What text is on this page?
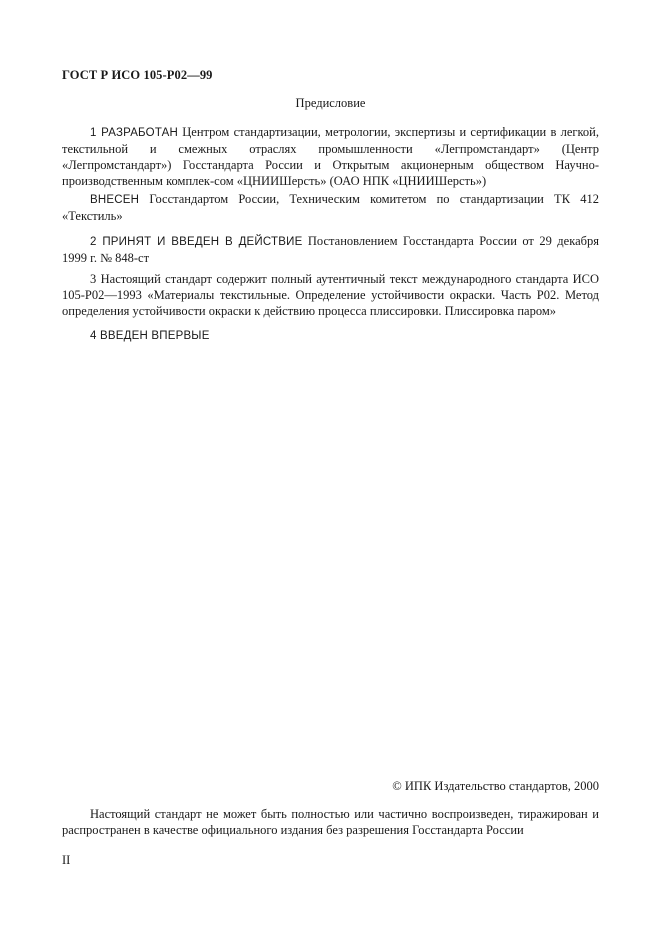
ГОСТ Р ИСО 105-Р02—99
Предисловие
1 РАЗРАБОТАН Центром стандартизации, метрологии, экспертизы и сертификации в легкой, текстильной и смежных отраслях промышленности «Легпромстандарт» (Центр «Легпромстандарт») Госстандарта России и Открытым акционерным обществом Научно-производственным комплек-сом «ЦНИИШерсть» (ОАО НПК «ЦНИИШерсть»)
ВНЕСЕН Госстандартом России, Техническим комитетом по стандартизации ТК 412 «Текстиль»
2 ПРИНЯТ И ВВЕДЕН В ДЕЙСТВИЕ Постановлением Госстандарта России от 29 декабря 1999 г. № 848-ст
3 Настоящий стандарт содержит полный аутентичный текст международного стандарта ИСО 105-Р02—1993 «Материалы текстильные. Определение устойчивости окраски. Часть Р02. Метод определения устойчивости окраски к действию процесса плиссировки. Плиссировка паром»
4 ВВЕДЕН ВПЕРВЫЕ
© ИПК Издательство стандартов, 2000
Настоящий стандарт не может быть полностью или частично воспроизведен, тиражирован и распространен в качестве официального издания без разрешения Госстандарта России
II
